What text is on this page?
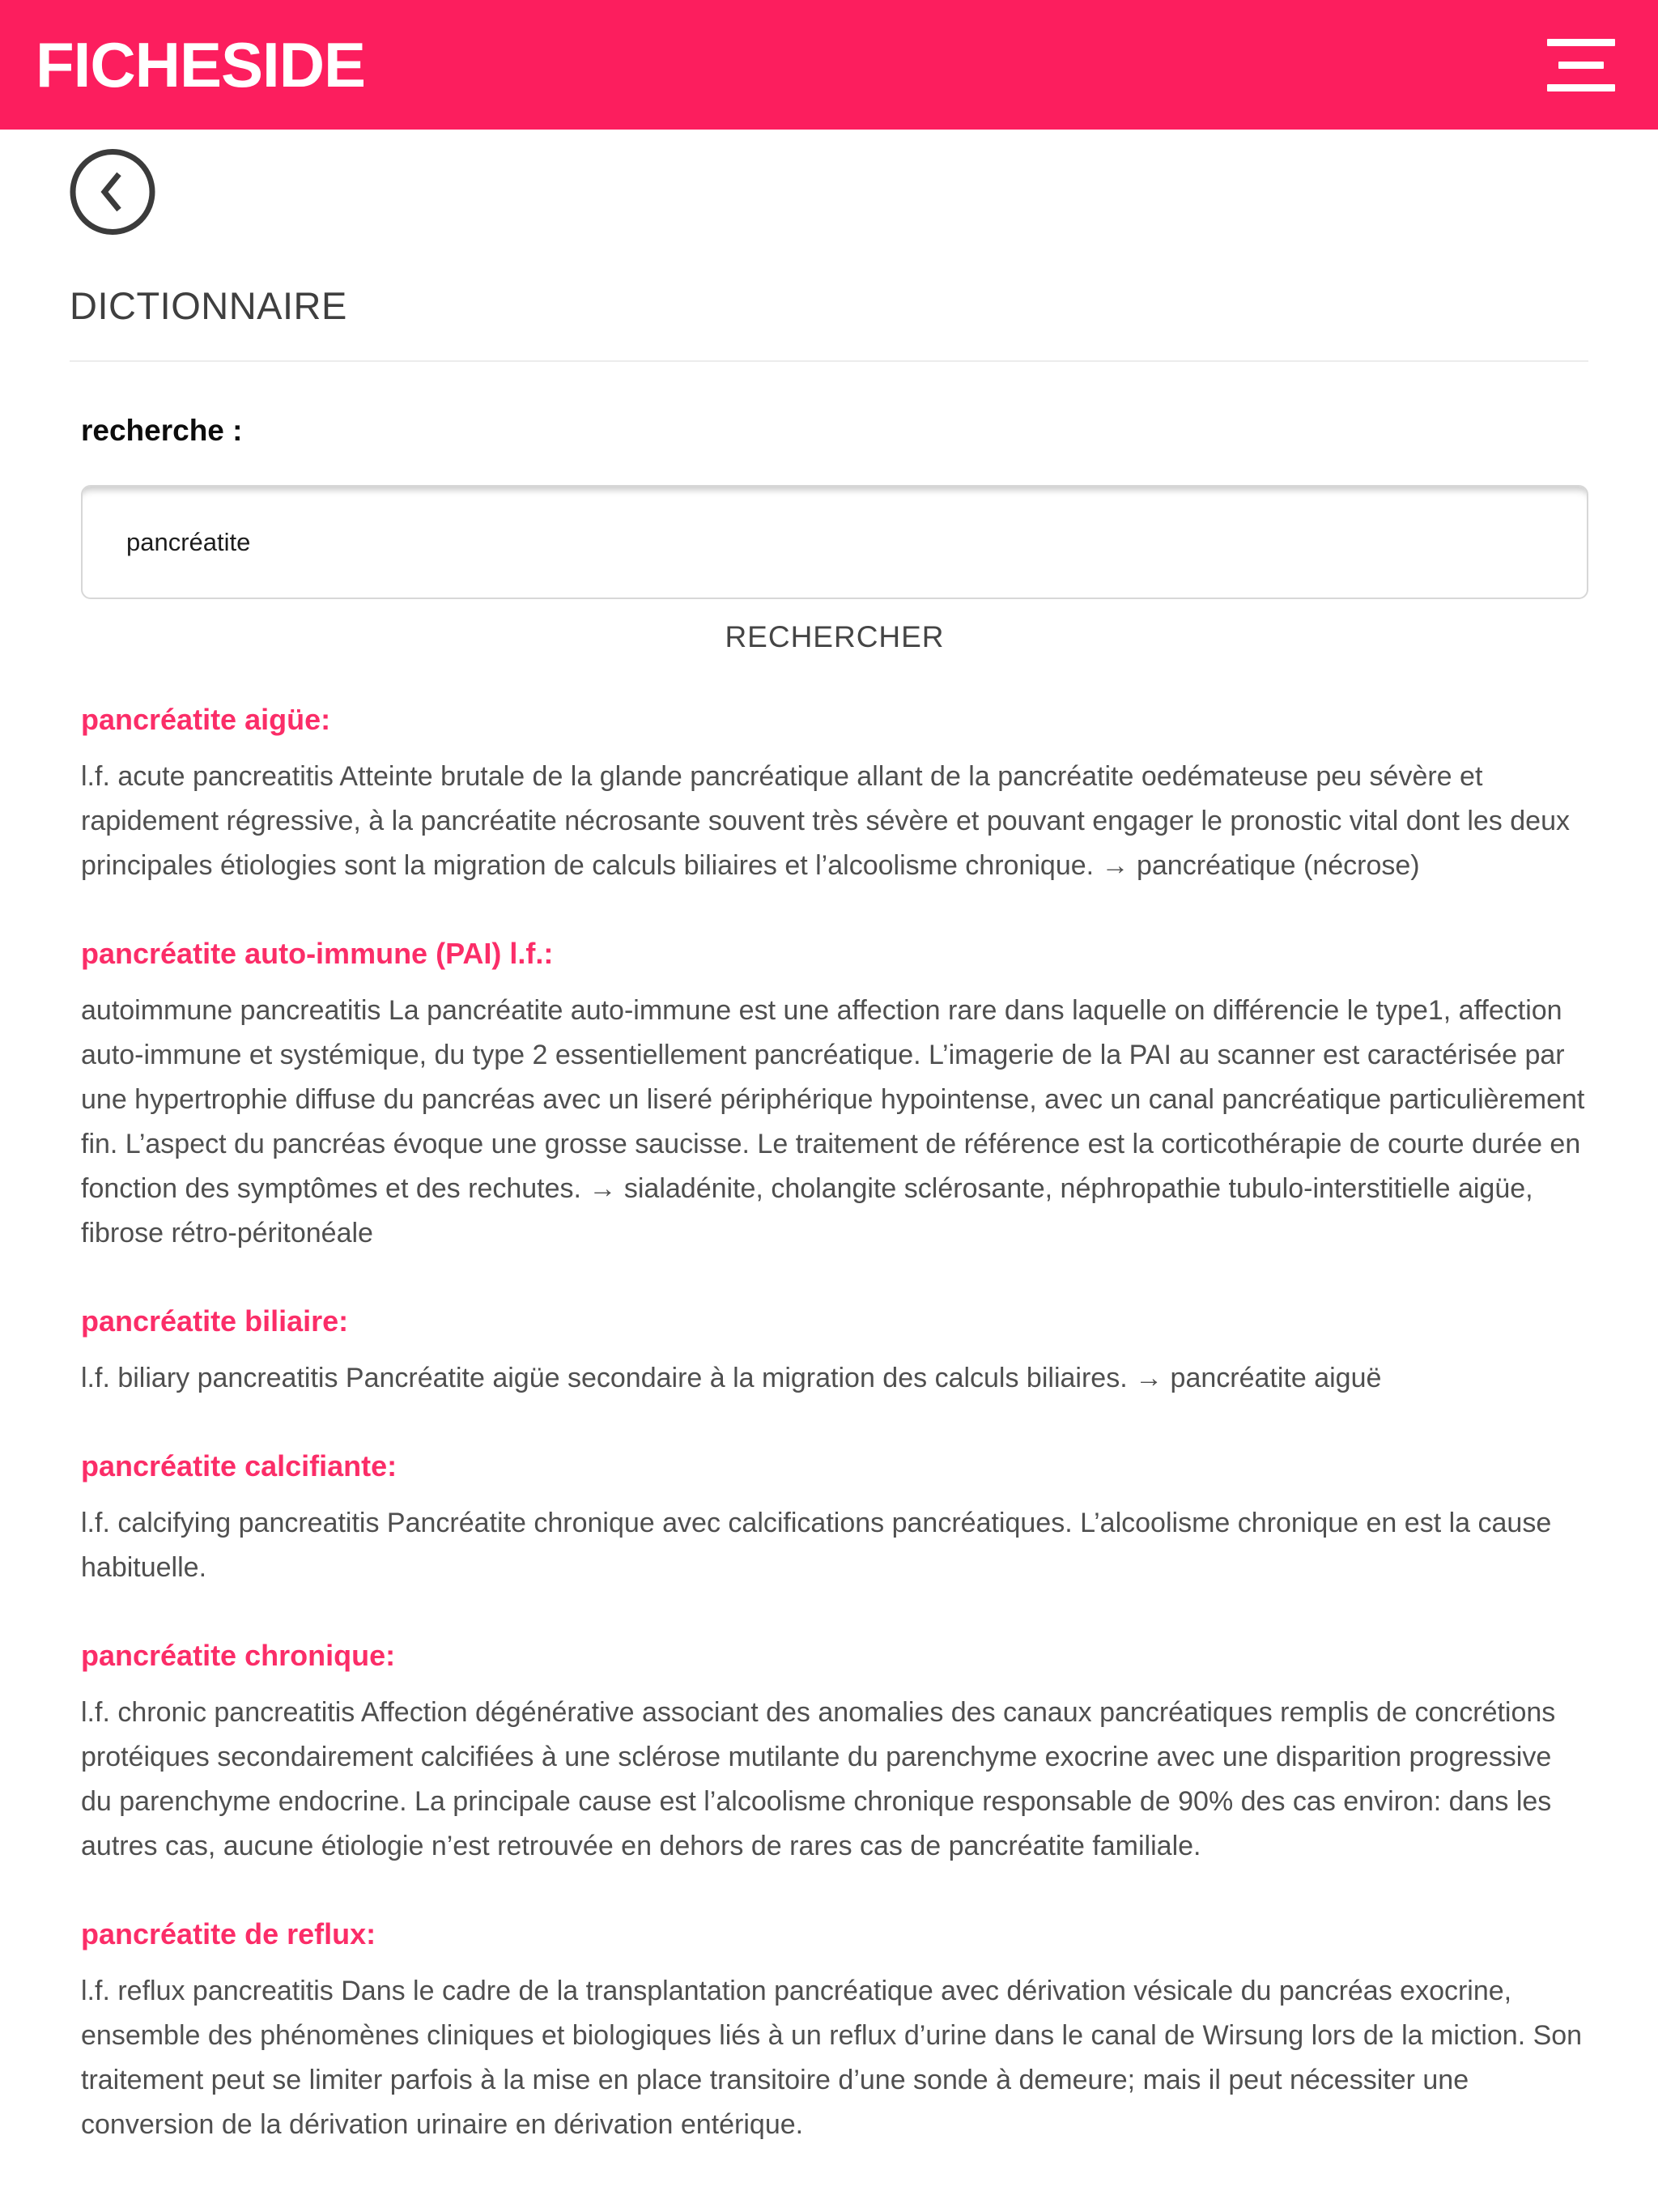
FICHESIDE
DICTIONNAIRE
recherche :
pancréatite
RECHERCHER
pancréatite aigüe:

l.f. acute pancreatitis Atteinte brutale de la glande pancréatique allant de la pancréatite oedémateuse peu sévère et rapidement régressive, à la pancréatite nécrosante souvent très sévère et pouvant engager le pronostic vital dont les deux principales étiologies sont la migration de calculs biliaires et l’alcoolisme chronique. → pancréatique (nécrose)

pancréatite auto-immune (PAI) l.f.:

autoimmune pancreatitis La pancréatite auto-immune est une affection rare dans laquelle on différencie le type1, affection auto-immune et systémique, du type 2 essentiellement pancréatique. L’imagerie de la PAI au scanner est caractérisée par une hypertrophie diffuse du pancréas avec un liseré périphérique hypointense, avec un canal pancréatique particulièrement fin. L’aspect du pancréas évoque une grosse saucisse. Le traitement de référence est la corticothérapie de courte durée en fonction des symptômes et des rechutes. → sialadénite, cholangite sclérosante, néphropathie tubulo-interstitielle aigüe, fibrose rétro-péritonéale

pancréatite biliaire:

l.f. biliary pancreatitis Pancréatite aigüe secondaire à la migration des calculs biliaires. → pancréatite aiguë

pancréatite calcifiante:

l.f. calcifying pancreatitis Pancréatite chronique avec calcifications pancréatiques. L’alcoolisme chronique en est la cause habituelle.

pancréatite chronique:

l.f. chronic pancreatitis Affection dégénérative associant des anomalies des canaux pancréatiques remplis de concrétions protéiques secondairement calcifiées à une sclérose mutilante du parenchyme exocrine avec une disparition progressive du parenchyme endocrine. La principale cause est l’alcoolisme chronique responsable de 90% des cas environ: dans les autres cas, aucune étiologie n’est retrouvée en dehors de rares cas de pancréatite familiale.

pancréatite de reflux:

l.f. reflux pancreatitis Dans le cadre de la transplantation pancréatique avec dérivation vésicale du pancréas exocrine, ensemble des phénomènes cliniques et biologiques liés à un reflux d’urine dans le canal de Wirsung lors de la miction. Son traitement peut se limiter parfois à la mise en place transitoire d’une sonde à demeure; mais il peut nécessiter une conversion de la dérivation urinaire en dérivation entérique.
